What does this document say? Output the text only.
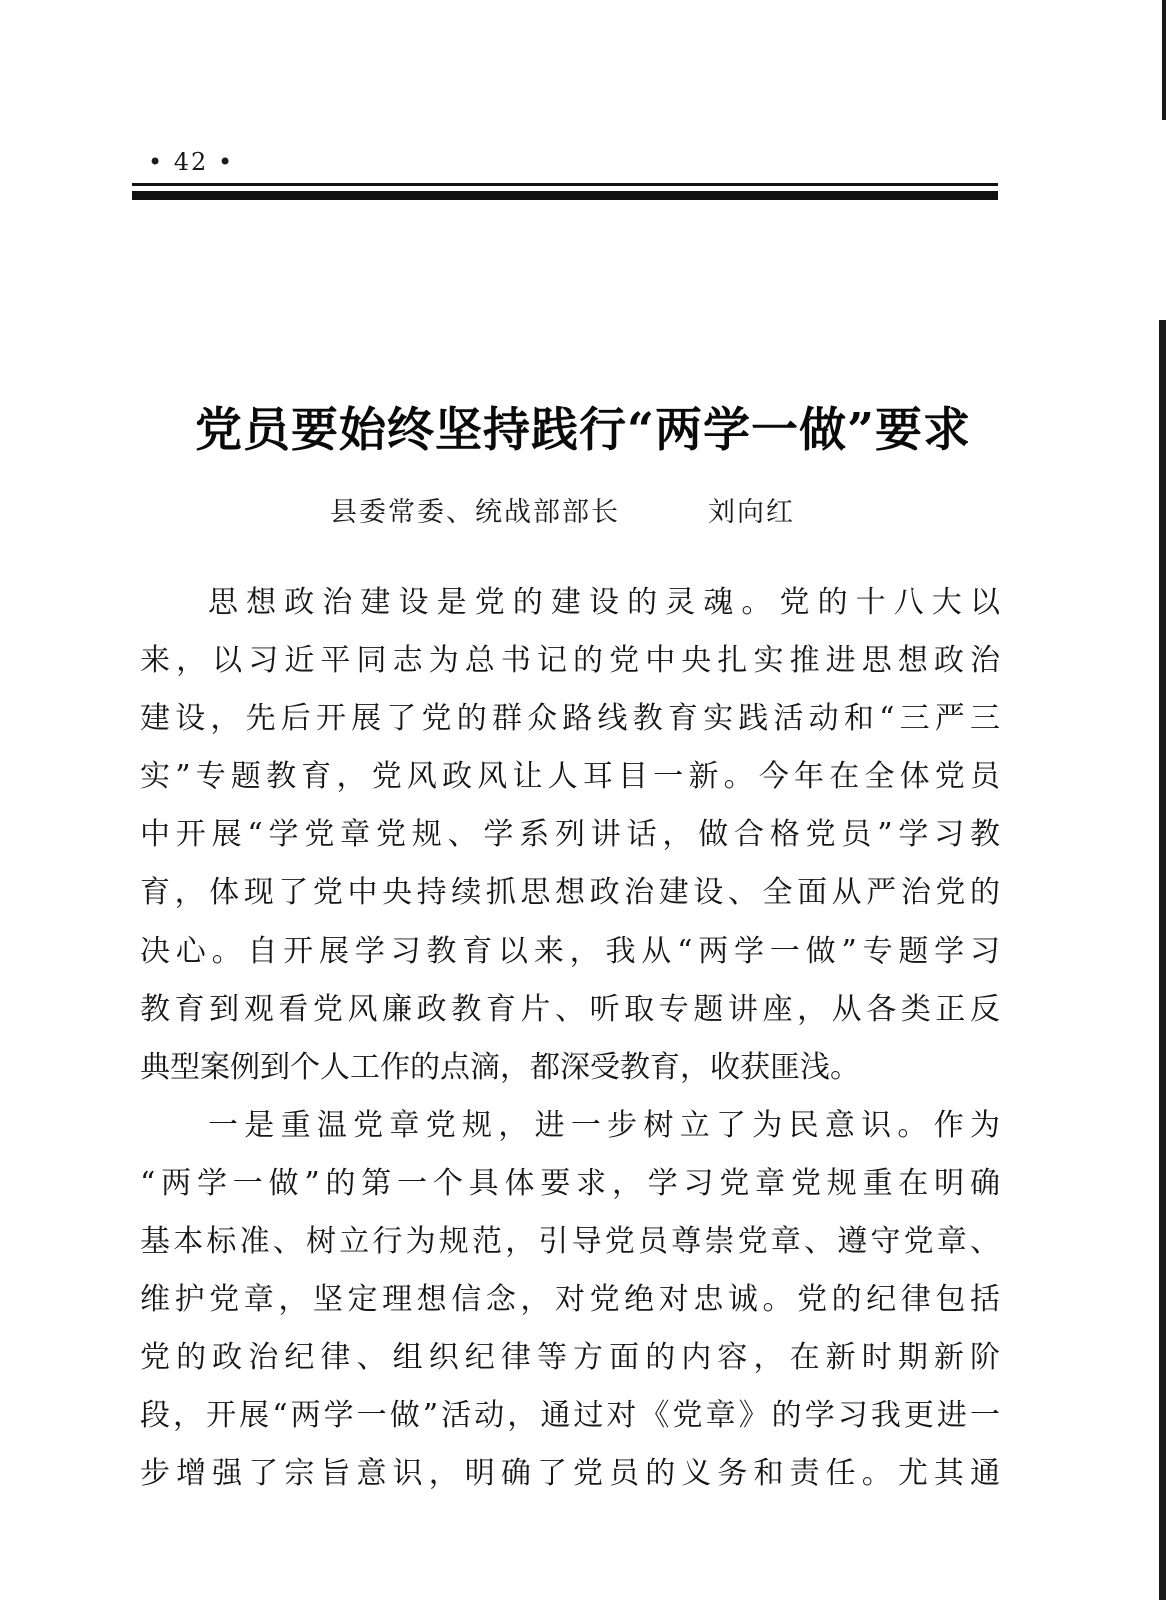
• 42 •
党员要始终坚持践行“两学一做”要求
县委常委、统战部部长	刘向红
思想政治建设是党的建设的灵魂。党的十八大以
来，以习近平同志为总书记的党中央扎实推进思想政治
建设，先后开展了党的群众路线教育实践活动和“三严三
实”专题教育，党风政风让人耳目一新。今年在全体党员
中开展“学党章党规、学系列讲话，做合格党员”学习教
育，体现了党中央持续抓思想政治建设、全面从严治党的
决心。自开展学习教育以来，我从“两学一做”专题学习
教育到观看党风廉政教育片、听取专题讲座，从各类正反
典型案例到个人工作的点滴，都深受教育，收获匪浅。
一是重温党章党规，进一步树立了为民意识。作为
“两学一做”的第一个具体要求，学习党章党规重在明确
基本标准、树立行为规范，引导党员尊崇党章、遵守党章、
维护党章，坚定理想信念，对党绝对忠诚。党的纪律包括
党的政治纪律、组织纪律等方面的内容，在新时期新阶
段，开展“两学一做”活动，通过对《党章》的学习我更进一
步增强了宗旨意识，明确了党员的义务和责任。尤其通
